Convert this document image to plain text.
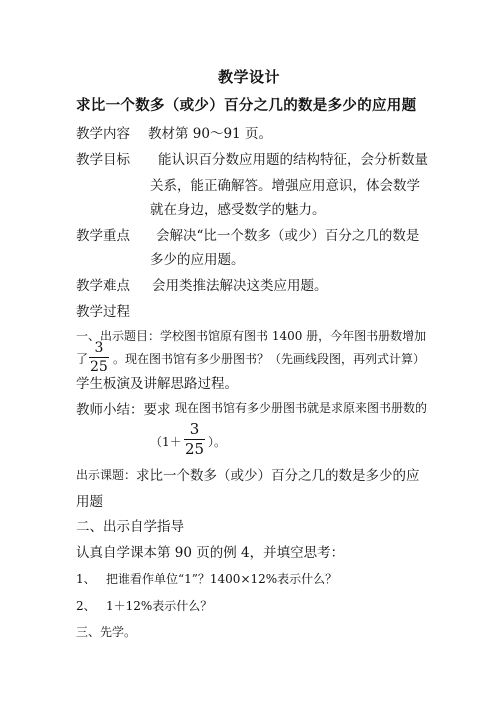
教学设计
求比一个数多（或少）百分之几的数是多少的应用题
教学内容 教材第 90～91 页。
教学目标 能认识百分数应用题的结构特征，会分析数量
关系，能正确解答。增强应用意识，体会数学
就在身边，感受数学的魅力。
教学重点 会解决“比一个数多（或少）百分之几的数是
多少的应用题。
教学难点 会用类推法解决这类应用题。
教学过程
一、出示题目：学校图书馆原有图书 1400 册，今年图书册数增加
了
3
25
。现在图书馆有多少册图书？（先画线段图，再列式计算）
学生板演及讲解思路过程。
教师小结：要求 现在图书馆有多少册图书就是求原来图书册数的
（1＋
3
25 ）。
出示课题： 求比一个数多（或少）百分之几的数是多少的应
用题
二、出示自学指导
认真自学课本第 90 页的例 4，并填空思考：
1、 把谁看作单位“1”？1400×12%表示什么？
2、 1＋12%表示什么？
三、先学。
